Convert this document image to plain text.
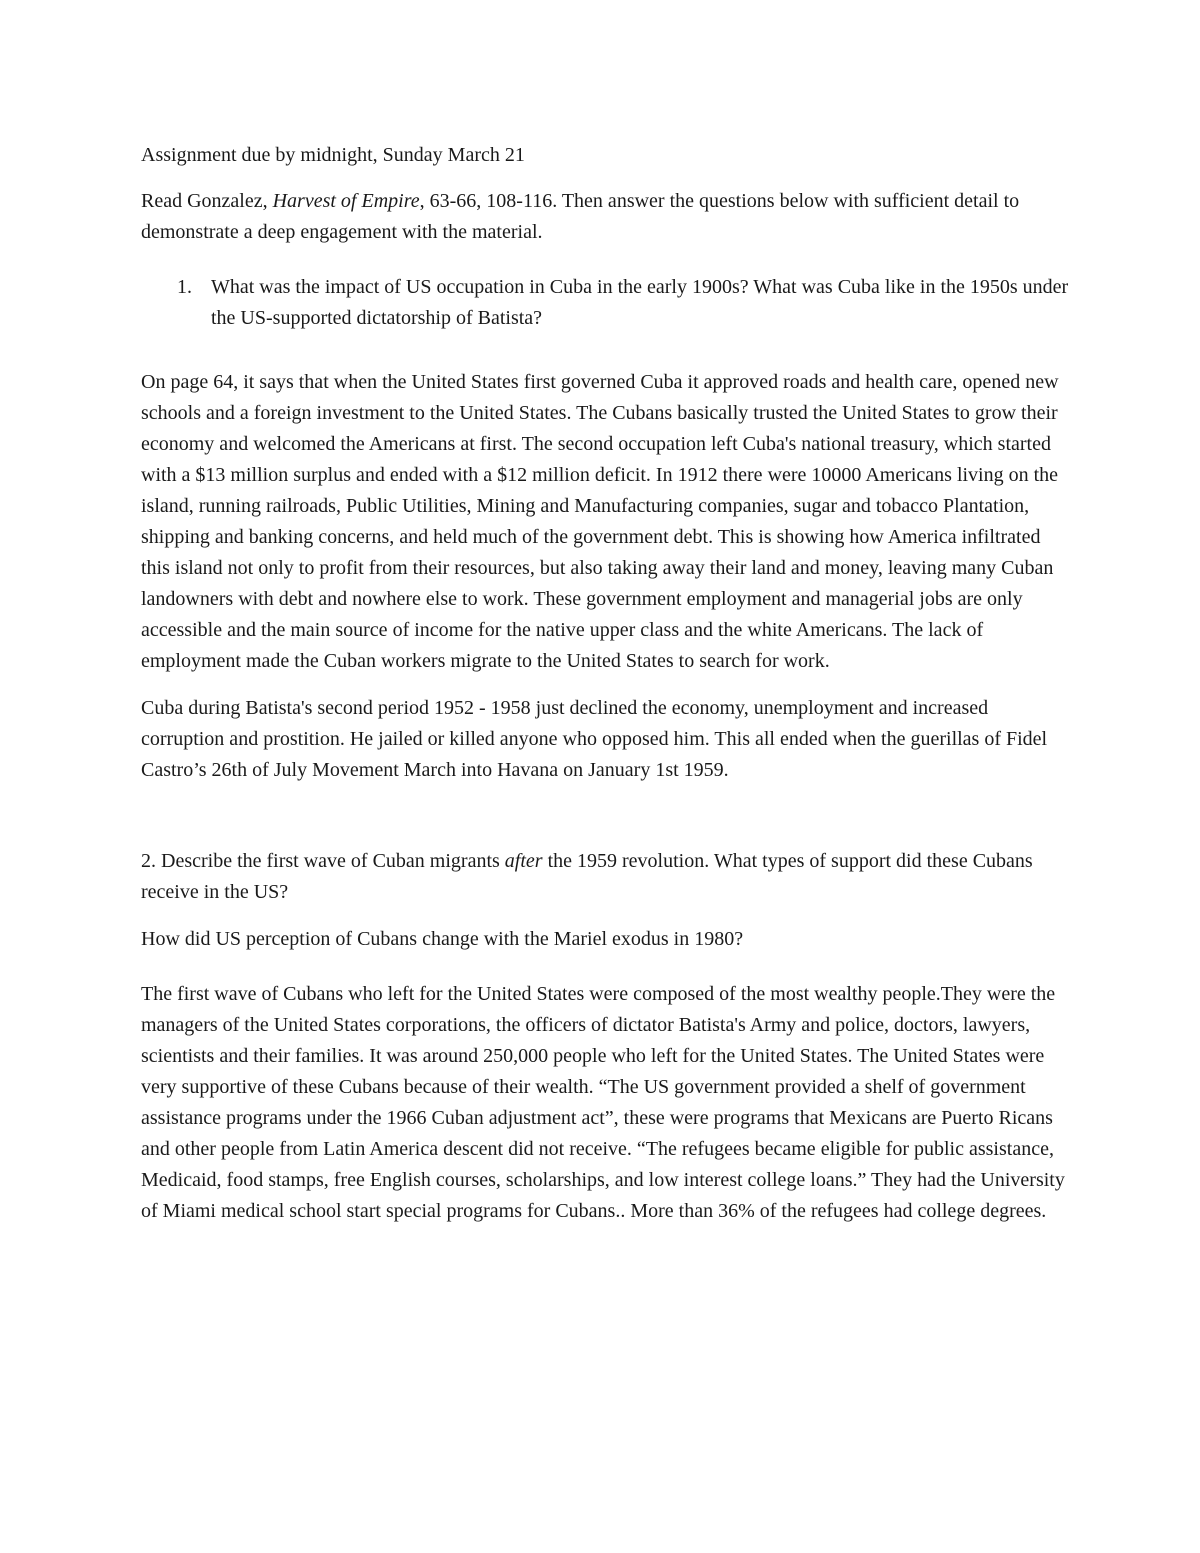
Assignment due by midnight, Sunday March 21

Read Gonzalez, Harvest of Empire, 63-66, 108-116. Then answer the questions below with sufficient detail to demonstrate a deep engagement with the material.

1. What was the impact of US occupation in Cuba in the early 1900s? What was Cuba like in the 1950s under the US-supported dictatorship of Batista?

On page 64, it says that when the United States first governed Cuba it approved roads and health care, opened new schools and a foreign investment to the United States. The Cubans basically trusted the United States to grow their economy and welcomed the Americans at first. The second occupation left Cuba's national treasury, which started with a $13 million surplus and ended with a $12 million deficit. In 1912 there were 10000 Americans living on the island, running railroads, Public Utilities, Mining and Manufacturing companies, sugar and tobacco Plantation, shipping and banking concerns, and held much of the government debt. This is showing how America infiltrated this island not only to profit from their resources, but also taking away their land and money, leaving many Cuban landowners with debt and nowhere else to work. These government employment and managerial jobs are only accessible and the main source of income for the native upper class and the white Americans. The lack of employment made the Cuban workers migrate to the United States to search for work.

Cuba during Batista's second period 1952 - 1958 just declined the economy, unemployment and increased corruption and prostition. He jailed or killed anyone who opposed him. This all ended when the guerillas of Fidel Castro’s 26th of July Movement March into Havana on January 1st 1959.

2. Describe the first wave of Cuban migrants after the 1959 revolution. What types of support did these Cubans receive in the US?

How did US perception of Cubans change with the Mariel exodus in 1980?

The first wave of Cubans who left for the United States were composed of the most wealthy people.They were the managers of the United States corporations, the officers of dictator Batista's Army and police, doctors, lawyers, scientists and their families. It was around 250,000 people who left for the United States. The United States were very supportive of these Cubans because of their wealth. “The US government provided a shelf of government assistance programs under the 1966 Cuban adjustment act”, these were programs that Mexicans are Puerto Ricans and other people from Latin America descent did not receive. “The refugees became eligible for public assistance, Medicaid, food stamps, free English courses, scholarships, and low interest college loans.” They had the University of Miami medical school start special programs for Cubans.. More than 36% of the refugees had college degrees.
